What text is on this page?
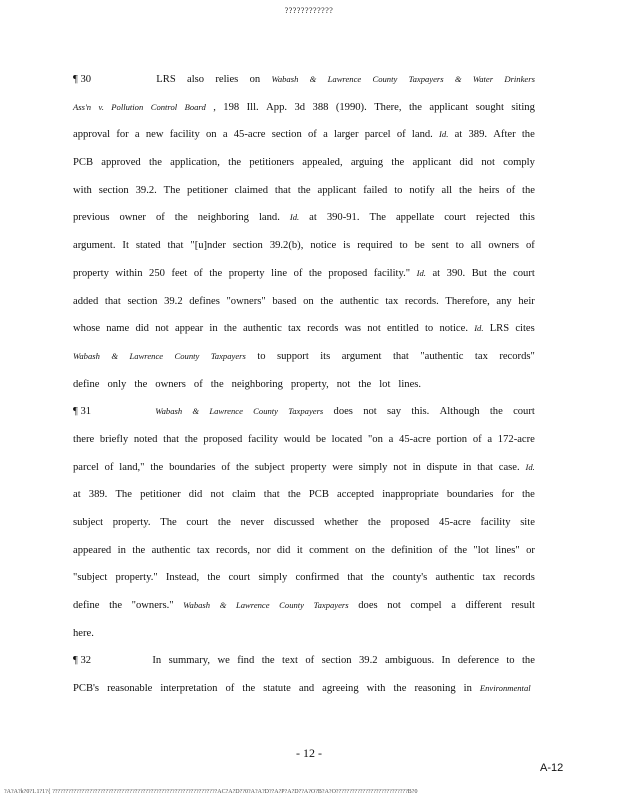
????????????
¶ 30	LRS also relies on Wabash & Lawrence County Taxpayers & Water Drinkers
Ass'n v. Pollution Control Board , 198 Ill. App. 3d 388 (1990). There, the applicant sought siting
approval for a new facility on a 45-acre section of a larger parcel of land. Id. at 389. After the
PCB approved the application, the petitioners appealed, arguing the applicant did not comply
with section 39.2. The petitioner claimed that the applicant failed to notify all the heirs of the
previous owner of the neighboring land. Id. at 390-91. The appellate court rejected this
argument. It stated that "[u]nder section 39.2(b), notice is required to be sent to all owners of
property within 250 feet of the property line of the proposed facility." Id. at 390. But the court
added that section 39.2 defines "owners" based on the authentic tax records. Therefore, any heir
whose name did not appear in the authentic tax records was not entitled to notice. Id. LRS cites
Wabash & Lawrence County Taxpayers to support its argument that "authentic tax records"
define only the owners of the neighboring property, not the lot lines.
¶ 31	Wabash & Lawrence County Taxpayers does not say this. Although the court
there briefly noted that the proposed facility would be located "on a 45-acre portion of a 172-acre
parcel of land," the boundaries of the subject property were simply not in dispute in that case. Id.
at 389. The petitioner did not claim that the PCB accepted inappropriate boundaries for the
subject property. The court the never discussed whether the proposed 45-acre facility site
appeared in the authentic tax records, nor did it comment on the definition of the "lot lines" or
"subject property." Instead, the court simply confirmed that the county's authentic tax records
define the "owners." Wabash & Lawrence County Taxpayers does not compel a different result
here.
¶ 32	In summary, we find the text of section 39.2 ambiguous. In deference to the
PCB's reasonable interpretation of the statute and agreeing with the reasoning in Environmental
- 12 -
A-12
?A?A?k?0?1.1?1?{ ??????????????????????????????????????????????????????????????AC?A?D??0?A?A?D??A?P?A?D??A?O?B?A?O???????????????????????????B?0
